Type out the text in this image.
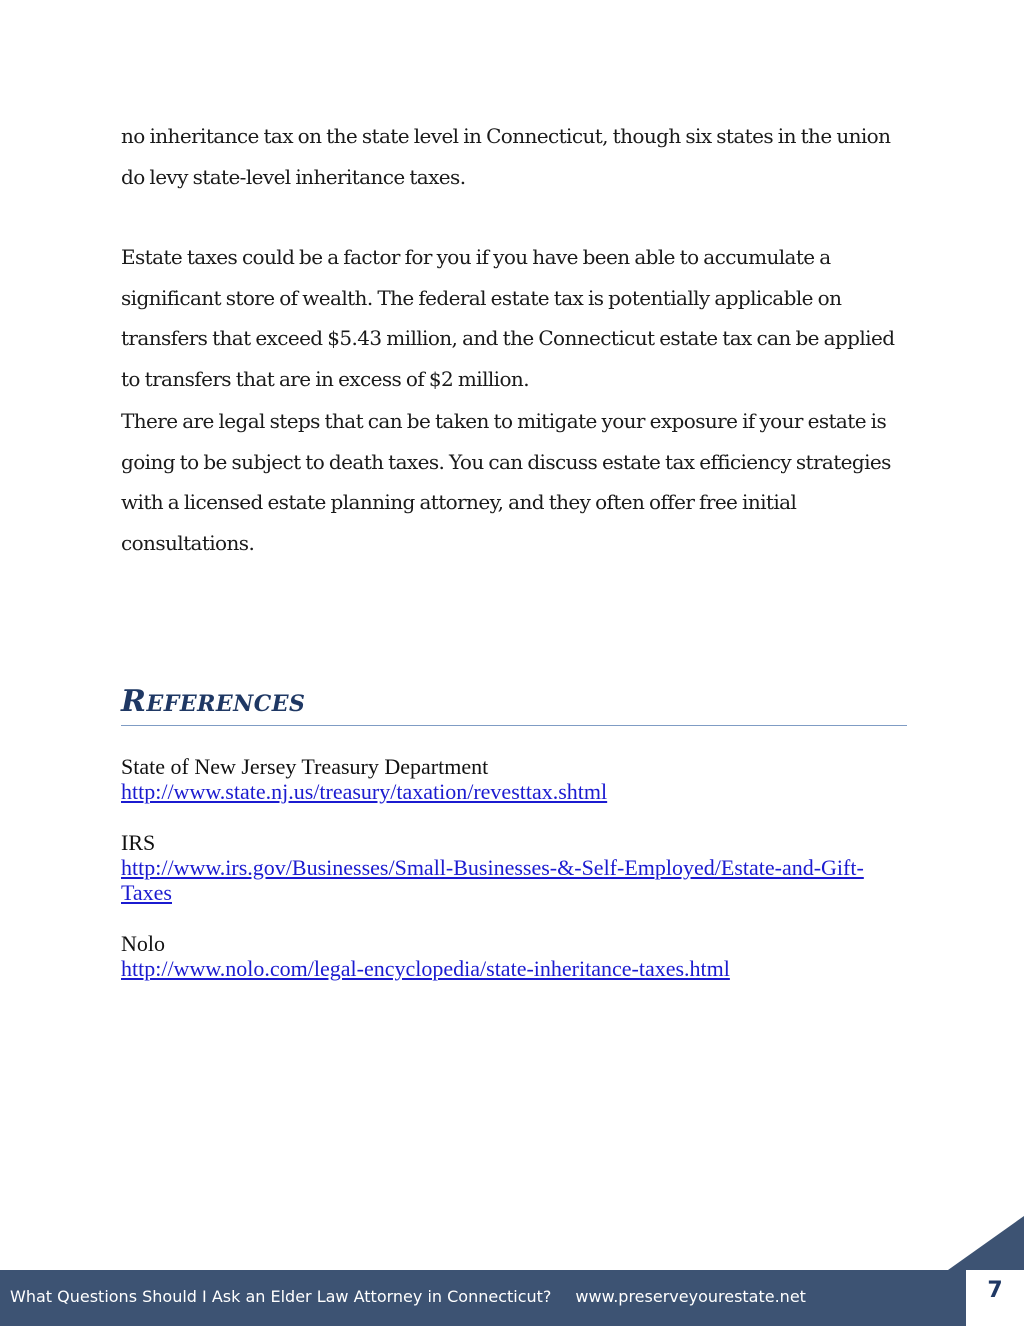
no inheritance tax on the state level in Connecticut, though six states in the union do levy state-level inheritance taxes.

Estate taxes could be a factor for you if you have been able to accumulate a significant store of wealth. The federal estate tax is potentially applicable on transfers that exceed $5.43 million, and the Connecticut estate tax can be applied to transfers that are in excess of $2 million.

There are legal steps that can be taken to mitigate your exposure if your estate is going to be subject to death taxes. You can discuss estate tax efficiency strategies with a licensed estate planning attorney, and they often offer free initial consultations.

REFERENCES
State of New Jersey Treasury Department
http://www.state.nj.us/treasury/taxation/revesttax.shtml
IRS
http://www.irs.gov/Businesses/Small-Businesses-&-Self-Employed/Estate-and-Gift-Taxes
Nolo
http://www.nolo.com/legal-encyclopedia/state-inheritance-taxes.html
What Questions Should I Ask an Elder Law Attorney in Connecticut? www.preserveyourestate.net	7
